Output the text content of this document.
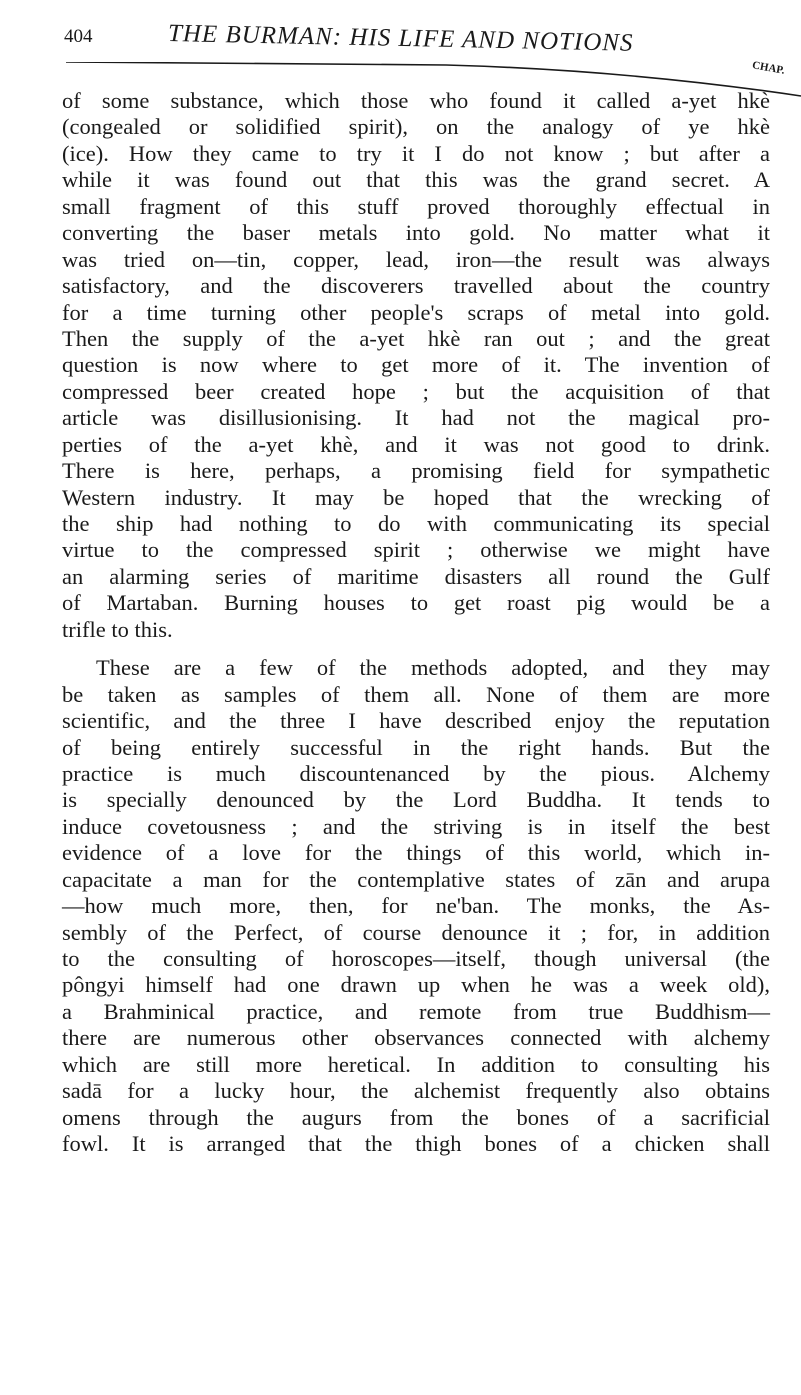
404	THE BURMAN: HIS LIFE AND NOTIONS
CHAP.
of some substance, which those who found it called a-yet hkè
(congealed or solidified spirit), on the analogy of ye hkè
(ice). How they came to try it I do not know ; but after a
while it was found out that this was the grand secret. A
small fragment of this stuff proved thoroughly effectual in
converting the baser metals into gold. No matter what it
was tried on—tin, copper, lead, iron—the result was always
satisfactory, and the discoverers travelled about the country
for a time turning other people's scraps of metal into gold.
Then the supply of the a-yet hkè ran out ; and the great
question is now where to get more of it. The invention of
compressed beer created hope ; but the acquisition of that
article was disillusionising. It had not the magical pro-
perties of the a-yet khè, and it was not good to drink.
There is here, perhaps, a promising field for sympathetic
Western industry. It may be hoped that the wrecking of
the ship had nothing to do with communicating its special
virtue to the compressed spirit ; otherwise we might have
an alarming series of maritime disasters all round the Gulf
of Martaban. Burning houses to get roast pig would be a
trifle to this.
These are a few of the methods adopted, and they may
be taken as samples of them all. None of them are more
scientific, and the three I have described enjoy the reputation
of being entirely successful in the right hands. But the
practice is much discountenanced by the pious. Alchemy
is specially denounced by the Lord Buddha. It tends to
induce covetousness ; and the striving is in itself the best
evidence of a love for the things of this world, which in-
capacitate a man for the contemplative states of zān and arupa
—how much more, then, for ne'ban. The monks, the As-
sembly of the Perfect, of course denounce it ; for, in addition
to the consulting of horoscopes—itself, though universal (the
pôngyi himself had one drawn up when he was a week old),
a Brahminical practice, and remote from true Buddhism—
there are numerous other observances connected with alchemy
which are still more heretical. In addition to consulting his
sadā for a lucky hour, the alchemist frequently also obtains
omens through the augurs from the bones of a sacrificial
fowl. It is arranged that the thigh bones of a chicken shall
